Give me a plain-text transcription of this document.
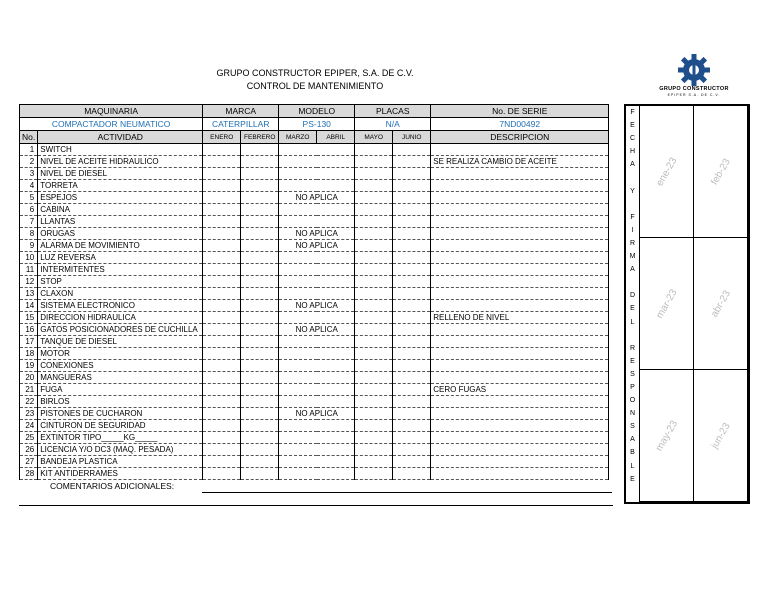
GRUPO CONSTRUCTOR EPIPER, S.A. DE C.V.
CONTROL DE MANTENIMIENTO	GRUPO CONSTRUCTOR
EPIPER S.A. DE C.V.
MAQUINARIA		MARCA		MODELO		PLACAS		No. DE SERIE
COMPACTADOR NEUMATICO		CATERPILLAR		PS-130		N/A		7ND00492
No.	ACTIVIDAD	ENERO	FEBRERO	MARZO	ABRIL	MAYO	JUNIO	DESCRIPCION
1	SWITCH							
2	NIVEL DE ACEITE HIDRAULICO							SE REALIZA CAMBIO DE ACEITE
3	NIVEL DE DIESEL							
4	TORRETA							
5	ESPEJOS			NO APLICA				
6	CABINA							
7	LLANTAS							
8	ORUGAS			NO APLICA				
9	ALARMA DE MOVIMIENTO			NO APLICA				
10	LUZ REVERSA							
11	INTERMITENTES							
12	STOP							
13	CLAXON							
14	SISTEMA ELECTRONICO			NO APLICA				
15	DIRECCION HIDRAULICA							RELLENO DE NIVEL
16	GATOS POSICIONADORES DE CUCHILLA			NO APLICA				
17	TANQUE DE DIESEL							
18	MOTOR							
19	CONEXIONES							
20	MANGUERAS							
21	FUGA							CERO FUGAS
22	BIRLOS							
23	PISTONES DE CUCHARON			NO APLICA				
24	CINTURON DE SEGURIDAD							
25	EXTINTOR TIPO_____KG_____							
26	LICENCIA Y/O DC3 (MAQ. PESADA)							
27	BANDEJA PLASTICA							
28	KIT ANTIDERRAMES							
COMENTARIOS ADICIONALES:
F
E
C
H
A
Y
F
I
R
M
A
D
E
L
R
E
S
P
O
N
S
A
B
L
E
ene-23	feb-23
mar-23	abr-23
may-23	jun-23
